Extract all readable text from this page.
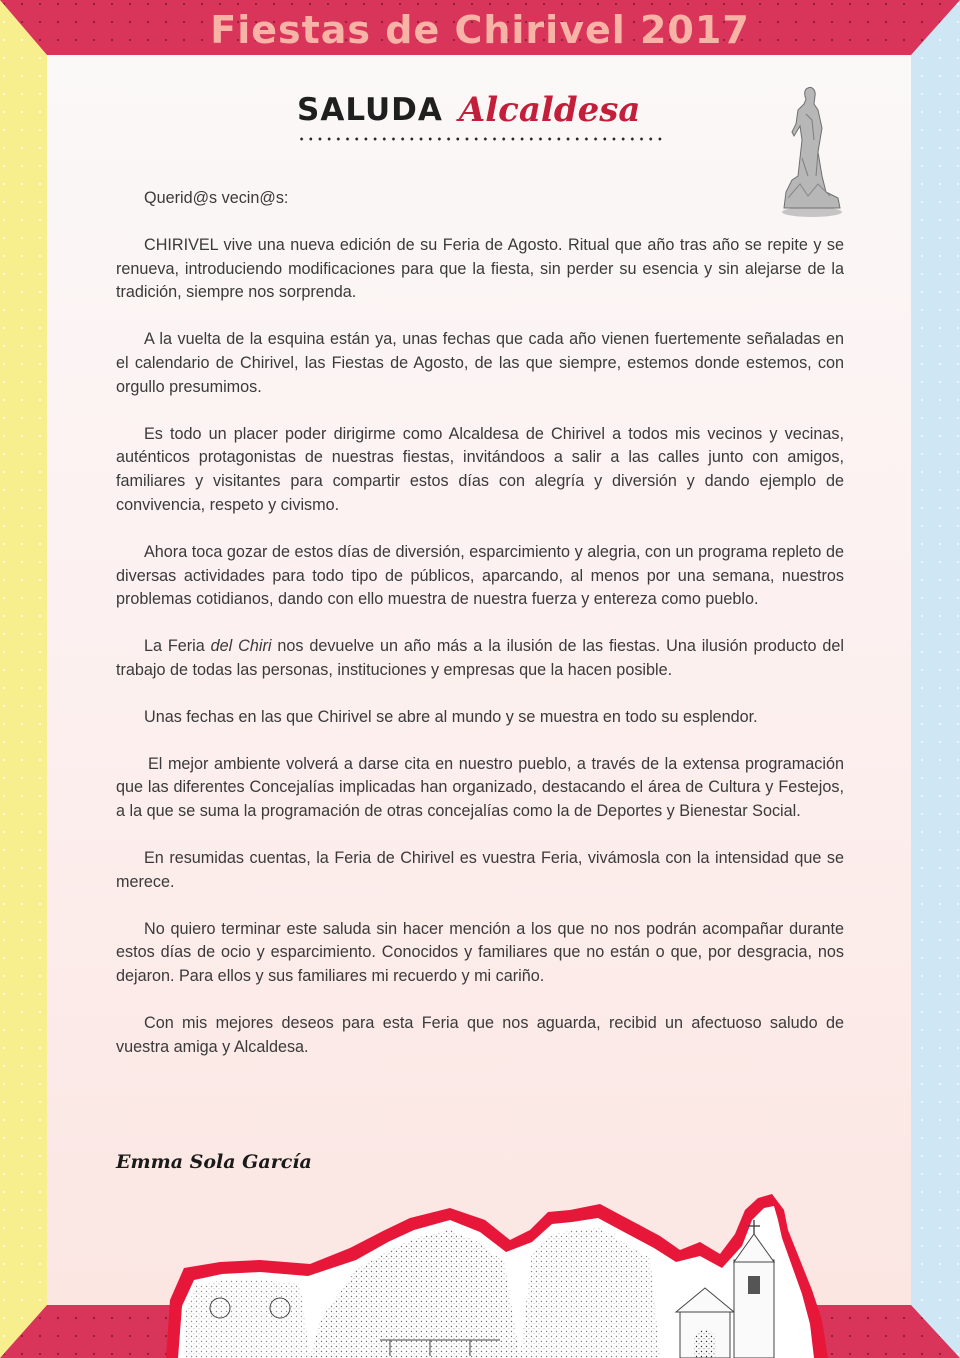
Fiestas de Chirivel 2017
SALUDA Alcaldesa

Querid@s vecin@s:

CHIRIVEL vive una nueva edición de su Feria de Agosto. Ritual que año tras año se repite y se renueva, introduciendo modificaciones para que la fiesta, sin perder su esencia y sin alejarse de la tradición, siempre nos sorprenda.

A la vuelta de la esquina están ya, unas fechas que cada año vienen fuertemente señaladas en el calendario de Chirivel, las Fiestas de Agosto, de las que siempre, estemos donde estemos, con orgullo presumimos.

Es todo un placer poder dirigirme como Alcaldesa de Chirivel a todos mis vecinos y vecinas, auténticos protagonistas de nuestras fiestas, invitándoos a salir a las calles junto con amigos, familiares y visitantes para compartir estos días con alegría y diversión y dando ejemplo de convivencia, respeto y civismo.

Ahora toca gozar de estos días de diversión, esparcimiento y alegria, con un programa repleto de diversas actividades para todo tipo de públicos, aparcando, al menos por una semana, nuestros problemas cotidianos, dando con ello muestra de nuestra fuerza y entereza como pueblo.

La Feria del Chiri nos devuelve un año más a la ilusión de las fiestas. Una ilusión producto del trabajo de todas las personas, instituciones y empresas que la hacen posible.

Unas fechas en las que Chirivel se abre al mundo y se muestra en todo su esplendor.

El mejor ambiente volverá a darse cita en nuestro pueblo, a través de la extensa programación que las diferentes Concejalías implicadas han organizado, destacando el área de Cultura y Festejos, a la que se suma la programación de otras concejalías como la de Deportes y Bienestar Social.

En resumidas cuentas, la Feria de Chirivel es vuestra Feria, vivámosla con la intensidad que se merece.

No quiero terminar este saluda sin hacer mención a los que no nos podrán acompañar durante estos días de ocio y esparcimiento. Conocidos y familiares que no están o que, por desgracia, nos dejaron. Para ellos y sus familiares mi recuerdo y mi cariño.

Con mis mejores deseos para esta Feria que nos aguarda, recibid un afectuoso saludo de vuestra amiga y Alcaldesa.

Emma Sola García
